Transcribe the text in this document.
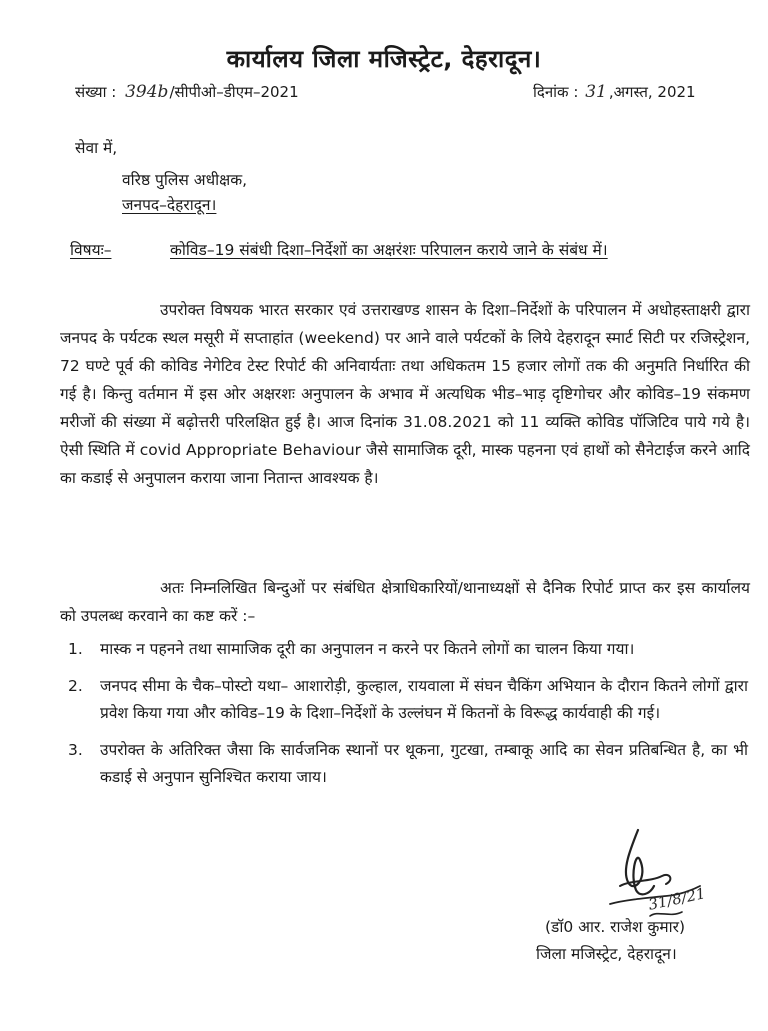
कार्यालय जिला मजिस्ट्रेट, देहरादून।
संख्या : 394b/सीपीओ–डीएम–2021	दिनांक : 31 ,अगस्त, 2021
सेवा में,
वरिष्ठ पुलिस अधीक्षक,
जनपद–देहरादून।
विषयः–	कोविड–19 संबंधी दिशा–निर्देशों का अक्षरंशः परिपालन कराये जाने के संबंध में।
उपरोक्त विषयक भारत सरकार एवं उत्तराखण्ड शासन के दिशा–निर्देशों के परिपालन में अधोहस्ताक्षरी द्वारा जनपद के पर्यटक स्थल मसूरी में सप्ताहांत (weekend) पर आने वाले पर्यटकों के लिये देहरादून स्मार्ट सिटी पर रजिस्ट्रेशन, 72 घण्टे पूर्व की कोविड नेगेटिव टेस्ट रिपोर्ट की अनिवार्यताः तथा अधिकतम 15 हजार लोगों तक की अनुमति निर्धारित की गई है। किन्तु वर्तमान में इस ओर अक्षरशः अनुपालन के अभाव में अत्यधिक भीड–भाड़ दृष्टिगोचर और कोविड–19 संकमण मरीजों की संख्या में बढ़ोत्तरी परिलक्षित हुई है। आज दिनांक 31.08.2021 को 11 व्यक्ति कोविड पॉजिटिव पाये गये है। ऐसी स्थिति में covid Appropriate Behaviour जैसे सामाजिक दूरी, मास्क पहनना एवं हाथों को सैनेटाईज करने आदि का कडाई से अनुपालन कराया जाना नितान्त आवश्यक है।
अतः निम्नलिखित बिन्दुओं पर संबंधित क्षेत्राधिकारियों/थानाध्यक्षों से दैनिक रिपोर्ट प्राप्त कर इस कार्यालय को उपलब्ध करवाने का कष्ट करें :–
1. मास्क न पहनने तथा सामाजिक दूरी का अनुपालन न करने पर कितने लोगों का चालन किया गया।
2. जनपद सीमा के चैक–पोस्टो यथा– आशारोड़ी, कुल्हाल, रायवाला में संघन चैकिंग अभियान के दौरान कितने लोगों द्वारा प्रवेश किया गया और कोविड–19 के दिशा–निर्देशों के उल्लंघन में कितनों के विरूद्ध कार्यवाही की गई।
3. उपरोक्त के अतिरिक्त जैसा कि सार्वजनिक स्थानों पर थूकना, गुटखा, तम्बाकू आदि का सेवन प्रतिबन्धित है, का भी कडाई से अनुपान सुनिश्चित कराया जाय।
31/8/21
(डॉ0 आर. राजेश कुमार)
जिला मजिस्ट्रेट, देहरादून।
